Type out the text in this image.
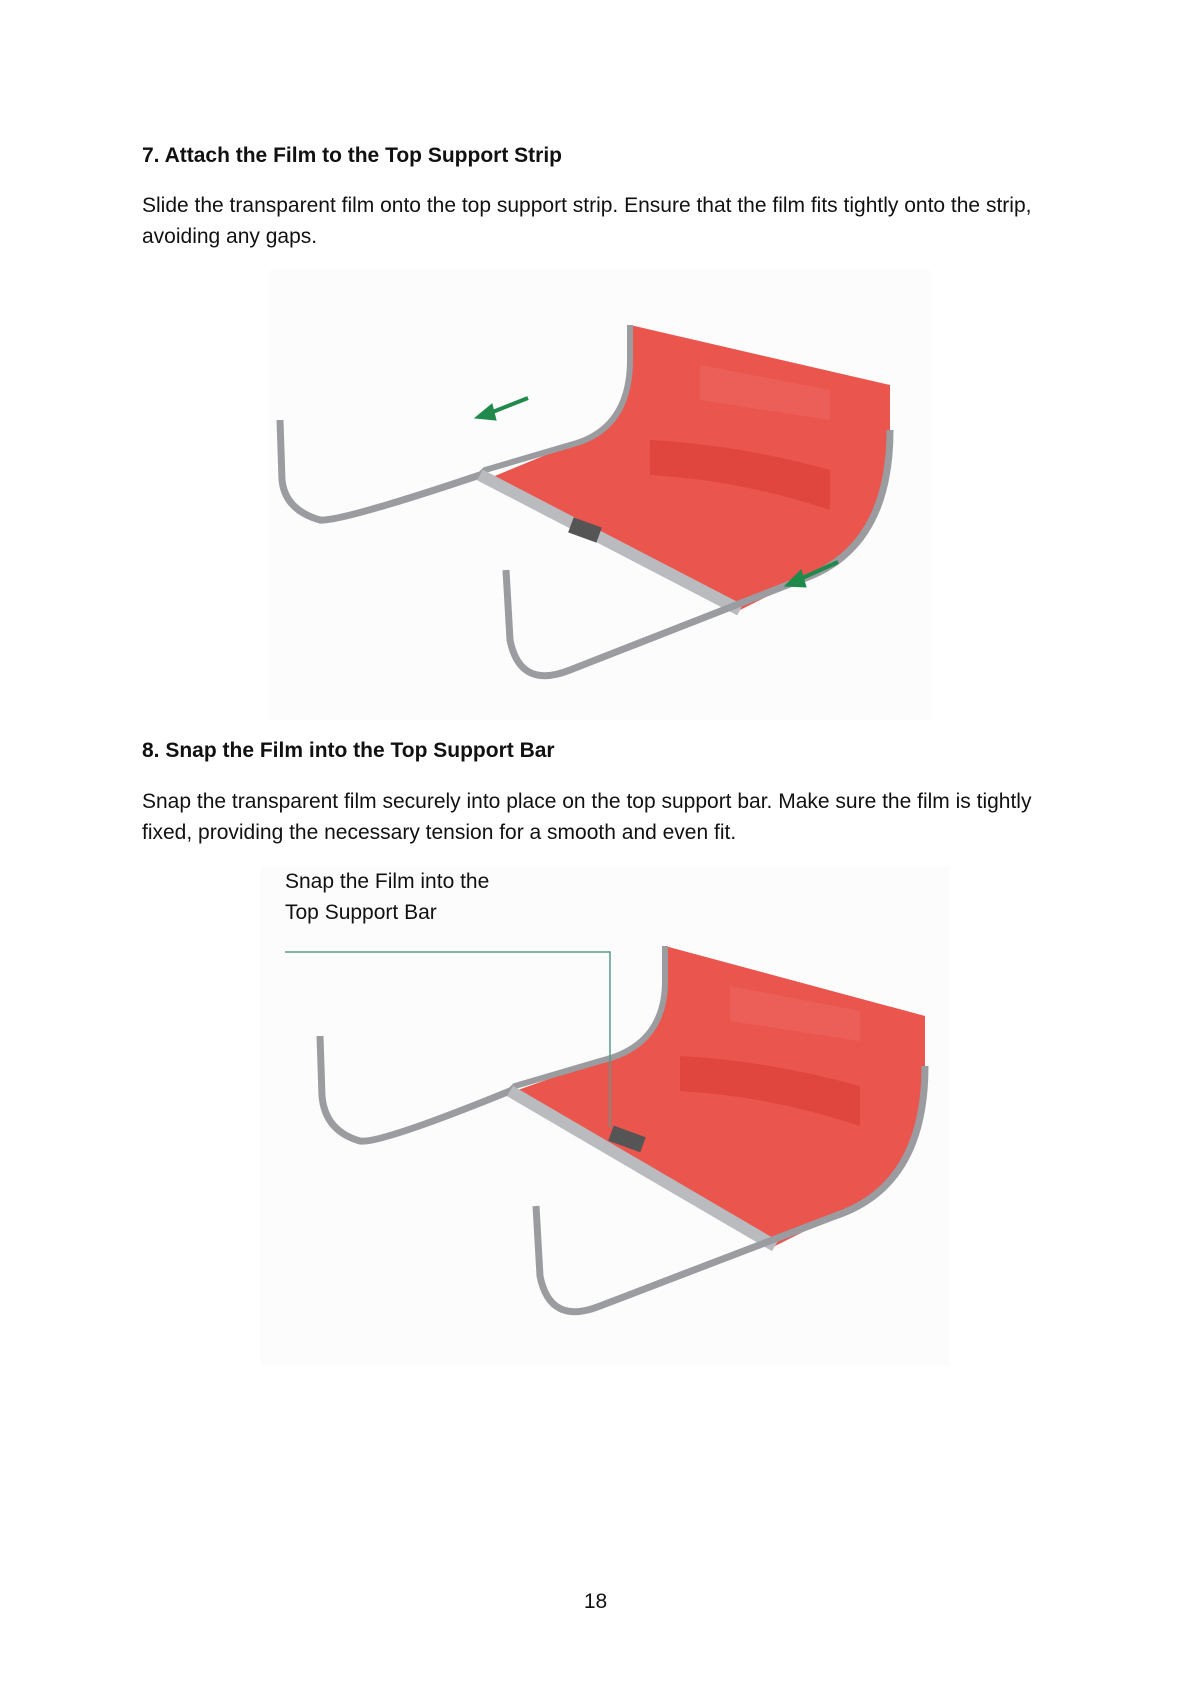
7. Attach the Film to the Top Support Strip

Slide the transparent film onto the top support strip. Ensure that the film fits tightly onto the strip, avoiding any gaps.

8. Snap the Film into the Top Support Bar

Snap the transparent film securely into place on the top support bar. Make sure the film is tightly fixed, providing the necessary tension for a smooth and even fit.

Snap the Film into the
Top Support Bar
18
